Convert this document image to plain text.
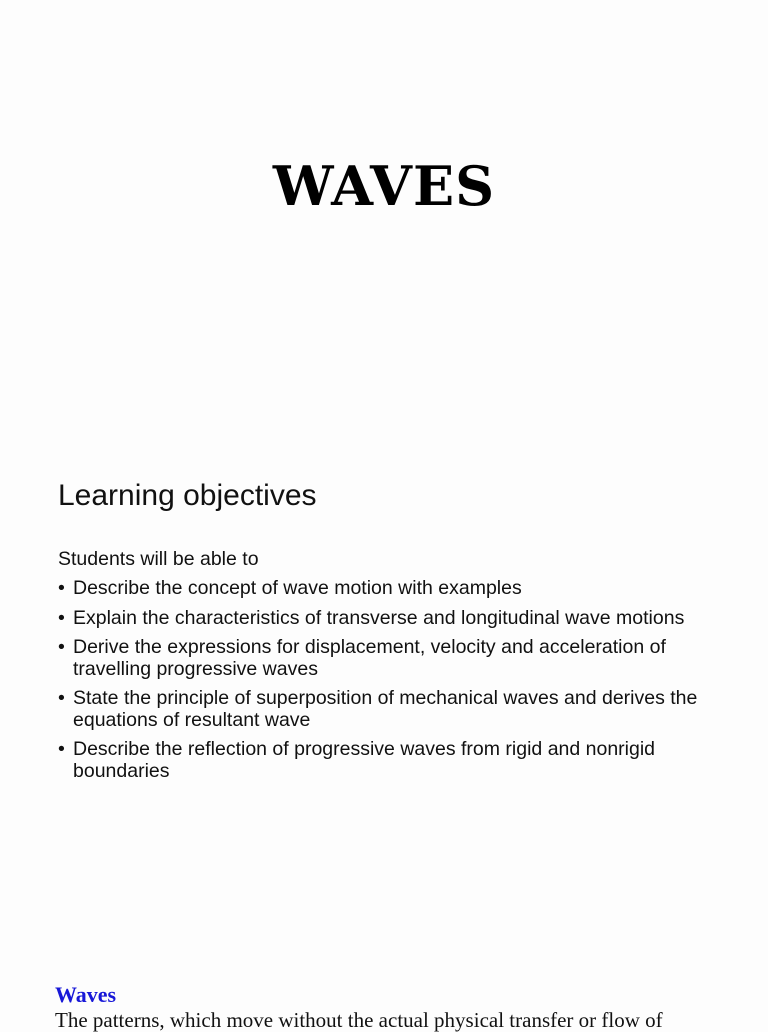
WAVES
Learning objectives
Students will be able to
• Describe the concept of wave motion with examples
• Explain the characteristics of transverse and longitudinal wave motions
• Derive the expressions for displacement, velocity and acceleration of travelling progressive waves
• State the principle of superposition of mechanical waves and derives the equations of resultant wave
• Describe the reflection of progressive waves from rigid and nonrigid boundaries
Waves
The patterns, which move without the actual physical transfer or flow of
